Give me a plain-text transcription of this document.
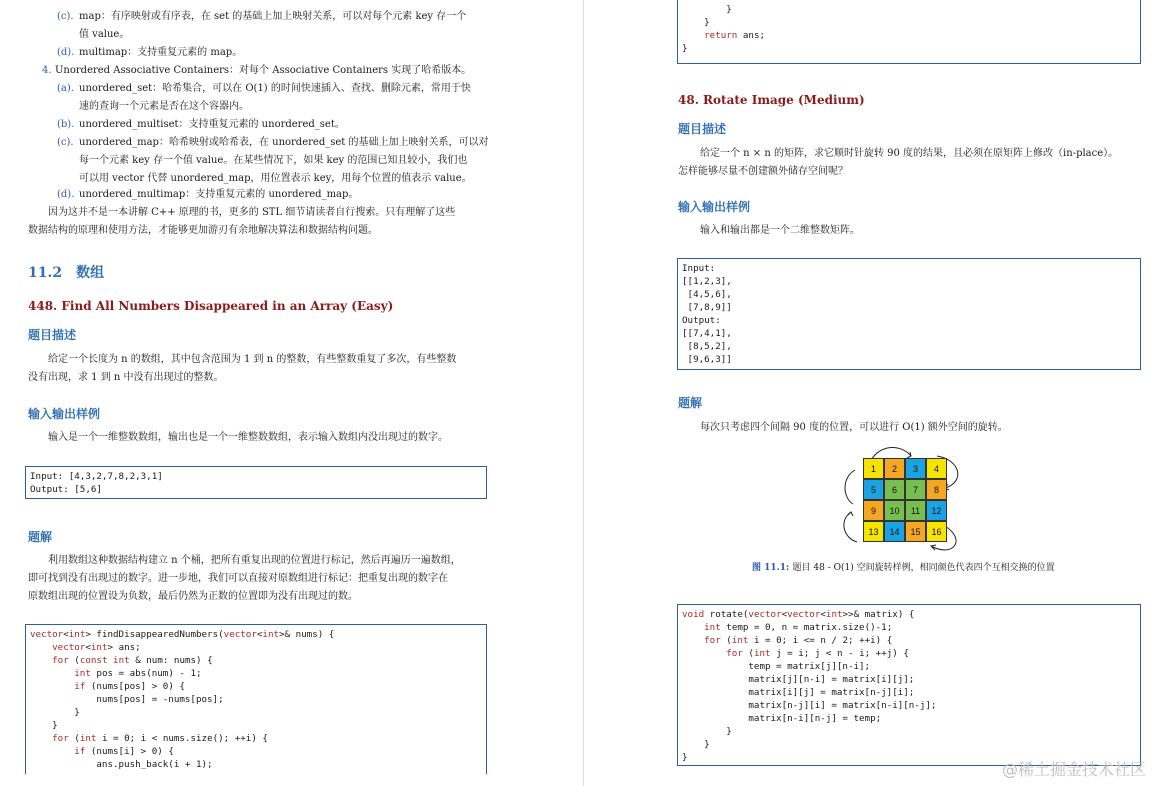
(c). map：有序映射或有序表，在 set 的基础上加上映射关系，可以对每个元素 key 存一个
值 value。
(d). multimap：支持重复元素的 map。
4. Unordered Associative Containers：对每个 Associative Containers 实现了哈希版本。
(a). unordered_set：哈希集合，可以在 O(1) 的时间快速插入、查找、删除元素，常用于快
速的查询一个元素是否在这个容器内。
(b). unordered_multiset：支持重复元素的 unordered_set。
(c). unordered_map：哈希映射或哈希表，在 unordered_set 的基础上加上映射关系，可以对
每一个元素 key 存一个值 value。在某些情况下，如果 key 的范围已知且较小，我们也
可以用 vector 代替 unordered_map，用位置表示 key，用每个位置的值表示 value。
(d). unordered_multimap：支持重复元素的 unordered_map。
因为这并不是一本讲解 C++ 原理的书，更多的 STL 细节请读者自行搜索。只有理解了这些
数据结构的原理和使用方法，才能够更加游刃有余地解决算法和数据结构问题。
11.2　数组
448. Find All Numbers Disappeared in an Array (Easy)
题目描述
给定一个长度为 n 的数组，其中包含范围为 1 到 n 的整数，有些整数重复了多次，有些整数
没有出现，求 1 到 n 中没有出现过的整数。
输入输出样例
输入是一个一维整数数组，输出也是一个一维整数数组，表示输入数组内没出现过的数字。
Input: [4,3,2,7,8,2,3,1]
Output: [5,6]
题解
利用数组这种数据结构建立 n 个桶，把所有重复出现的位置进行标记，然后再遍历一遍数组，
即可找到没有出现过的数字。进一步地，我们可以直接对原数组进行标记：把重复出现的数字在
原数组出现的位置设为负数，最后仍然为正数的位置即为没有出现过的数。
vector<int> findDisappearedNumbers(vector<int>& nums) {
vector<int> ans;
for (const int & num: nums) {
int pos = abs(num) - 1;
if (nums[pos] > 0) {
nums[pos] = -nums[pos];
}
}
for (int i = 0; i < nums.size(); ++i) {
if (nums[i] > 0) {
ans.push_back(i + 1);
}
}
return ans;
}
48. Rotate Image (Medium)
题目描述
给定一个 n × n 的矩阵，求它顺时针旋转 90 度的结果，且必须在原矩阵上修改（in-place）。
怎样能够尽量不创建额外储存空间呢？
输入输出样例
输入和输出都是一个二维整数矩阵。
Input:
[[1,2,3],
[4,5,6],
[7,8,9]]
Output:
[[7,4,1],
[8,5,2],
[9,6,3]]
题解
每次只考虑四个间隔 90 度的位置，可以进行 O(1) 额外空间的旋转。
1	2	3	4
5	6	7	8
9	10	11	12
13	14	15	16
图 11.1: 题目 48 - O(1) 空间旋转样例，相同颜色代表四个互相交换的位置
void rotate(vector<vector<int>>& matrix) {
int temp = 0, n = matrix.size()-1;
for (int i = 0; i <= n / 2; ++i) {
for (int j = i; j < n - i; ++j) {
temp = matrix[j][n-i];
matrix[j][n-i] = matrix[i][j];
matrix[i][j] = matrix[n-j][i];
matrix[n-j][i] = matrix[n-i][n-j];
matrix[n-i][n-j] = temp;
}
}
}
@稀土掘金技术社区
